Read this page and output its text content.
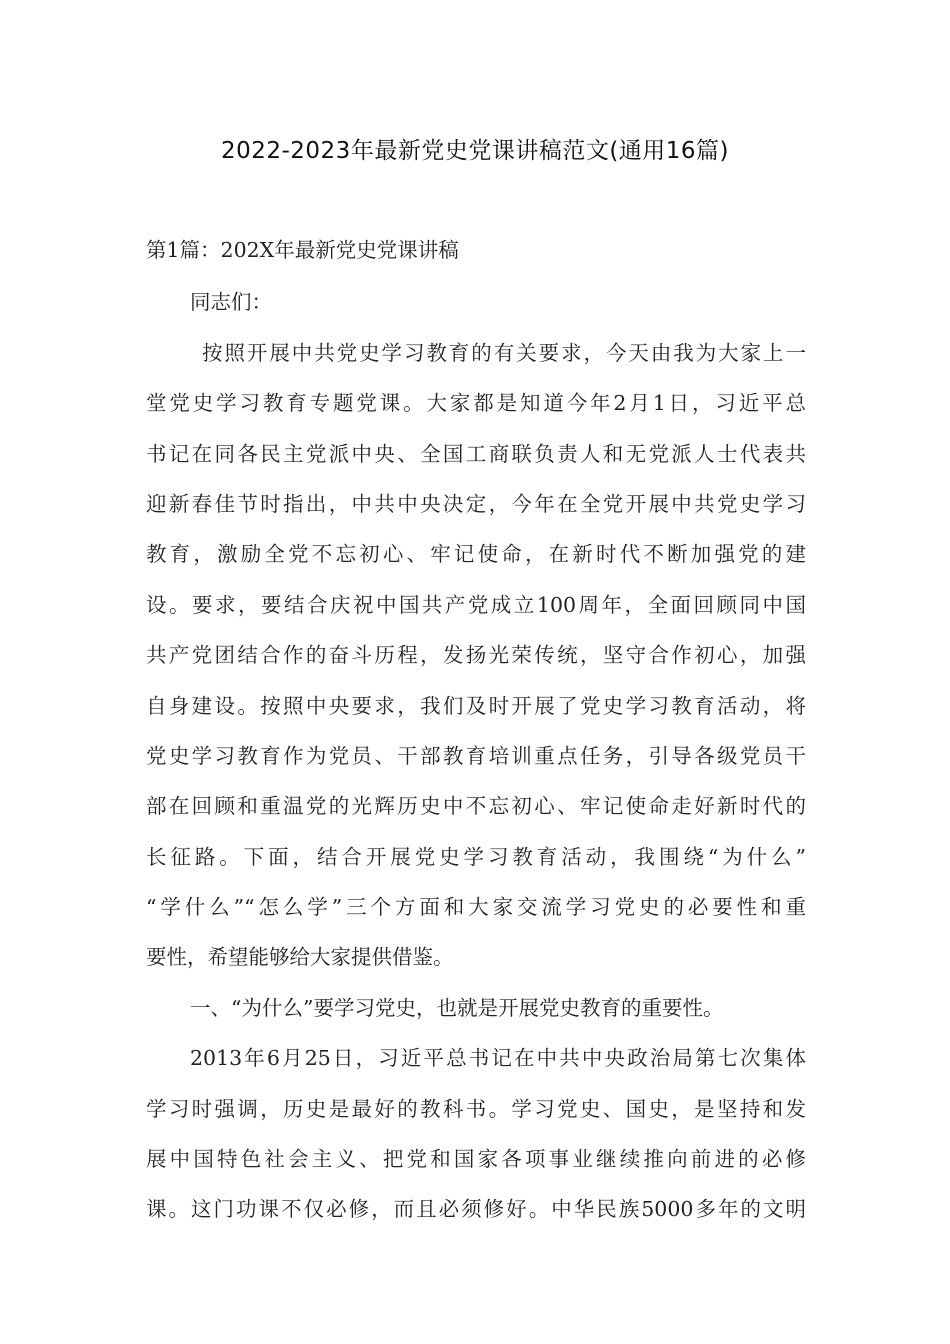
2022-2023年最新党史党课讲稿范文(通用16篇)
第1篇：202X年最新党史党课讲稿
同志们：
按照开展中共党史学习教育的有关要求，今天由我为大家上一
堂党史学习教育专题党课。大家都是知道今年2月1日，习近平总
书记在同各民主党派中央、全国工商联负责人和无党派人士代表共
迎新春佳节时指出，中共中央决定，今年在全党开展中共党史学习
教育，激励全党不忘初心、牢记使命，在新时代不断加强党的建
设。要求，要结合庆祝中国共产党成立100周年，全面回顾同中国
共产党团结合作的奋斗历程，发扬光荣传统，坚守合作初心，加强
自身建设。按照中央要求，我们及时开展了党史学习教育活动，将
党史学习教育作为党员、干部教育培训重点任务，引导各级党员干
部在回顾和重温党的光辉历史中不忘初心、牢记使命走好新时代的
长征路。下面，结合开展党史学习教育活动，我围绕“为什么”
“学什么”“怎么学”三个方面和大家交流学习党史的必要性和重
要性，希望能够给大家提供借鉴。
一、“为什么”要学习党史，也就是开展党史教育的重要性。
2013年6月25日，习近平总书记在中共中央政治局第七次集体
学习时强调，历史是最好的教科书。学习党史、国史，是坚持和发
展中国特色社会主义、把党和国家各项事业继续推向前进的必修
课。这门功课不仅必修，而且必须修好。中华民族5000多年的文明
